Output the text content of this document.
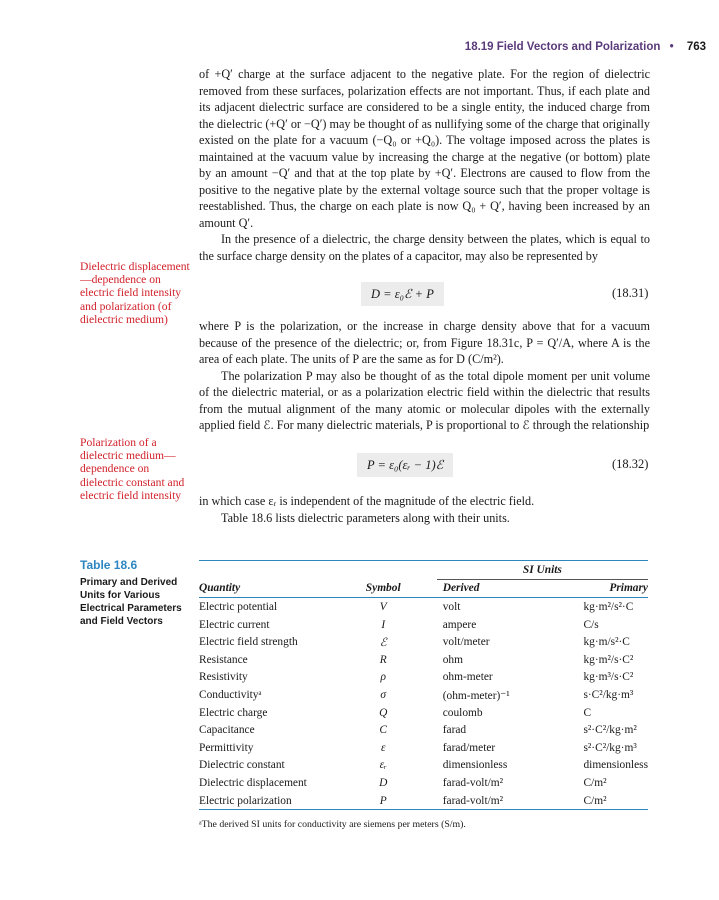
18.19 Field Vectors and Polarization • 763

of +Q′ charge at the surface adjacent to the negative plate. For the region of dielectric removed from these surfaces, polarization effects are not important. Thus, if each plate and its adjacent dielectric surface are considered to be a single entity, the induced charge from the dielectric (+Q′ or −Q′) may be thought of as nullifying some of the charge that originally existed on the plate for a vacuum (−Q₀ or +Q₀). The voltage imposed across the plates is maintained at the vacuum value by increasing the charge at the negative (or bottom) plate by an amount −Q′ and that at the top plate by +Q′. Electrons are caused to flow from the positive to the negative plate by the external voltage source such that the proper voltage is reestablished. Thus, the charge on each plate is now Q₀ + Q′, having been increased by an amount Q′.

In the presence of a dielectric, the charge density between the plates, which is equal to the surface charge density on the plates of a capacitor, may also be represented by

Dielectric displacement—dependence on electric field intensity and polarization (of dielectric medium)
D = ε₀ℰ + P	(18.31)

where P is the polarization, or the increase in charge density above that for a vacuum because of the presence of the dielectric; or, from Figure 18.31c, P = Q′/A, where A is the area of each plate. The units of P are the same as for D (C/m²).

The polarization P may also be thought of as the total dipole moment per unit volume of the dielectric material, or as a polarization electric field within the dielectric that results from the mutual alignment of the many atomic or molecular dipoles with the externally applied field ℰ. For many dielectric materials, P is proportional to ℰ through the relationship

Polarization of a dielectric medium—dependence on dielectric constant and electric field intensity
P = ε₀(εᵣ − 1)ℰ	(18.32)

in which case εᵣ is independent of the magnitude of the electric field.

Table 18.6 lists dielectric parameters along with their units.

Table 18.6
Primary and Derived Units for Various Electrical Parameters and Field Vectors
		SI Units	
Quantity	Symbol	Derived	Primary
Electric potential	V	volt	kg·m²/s²·C
Electric current	I	ampere	C/s
Electric field strength	ℰ	volt/meter	kg·m/s²·C
Resistance	R	ohm	kg·m²/s·C²
Resistivity	ρ	ohm-meter	kg·m³/s·C²
Conductivityᵃ	σ	(ohm-meter)⁻¹	s·C²/kg·m³
Electric charge	Q	coulomb	C
Capacitance	C	farad	s²·C²/kg·m²
Permittivity	ε	farad/meter	s²·C²/kg·m³
Dielectric constant	εᵣ	dimensionless	dimensionless
Dielectric displacement	D	farad-volt/m²	C/m²
Electric polarization	P	farad-volt/m²	C/m²
ᵃThe derived SI units for conductivity are siemens per meters (S/m).
